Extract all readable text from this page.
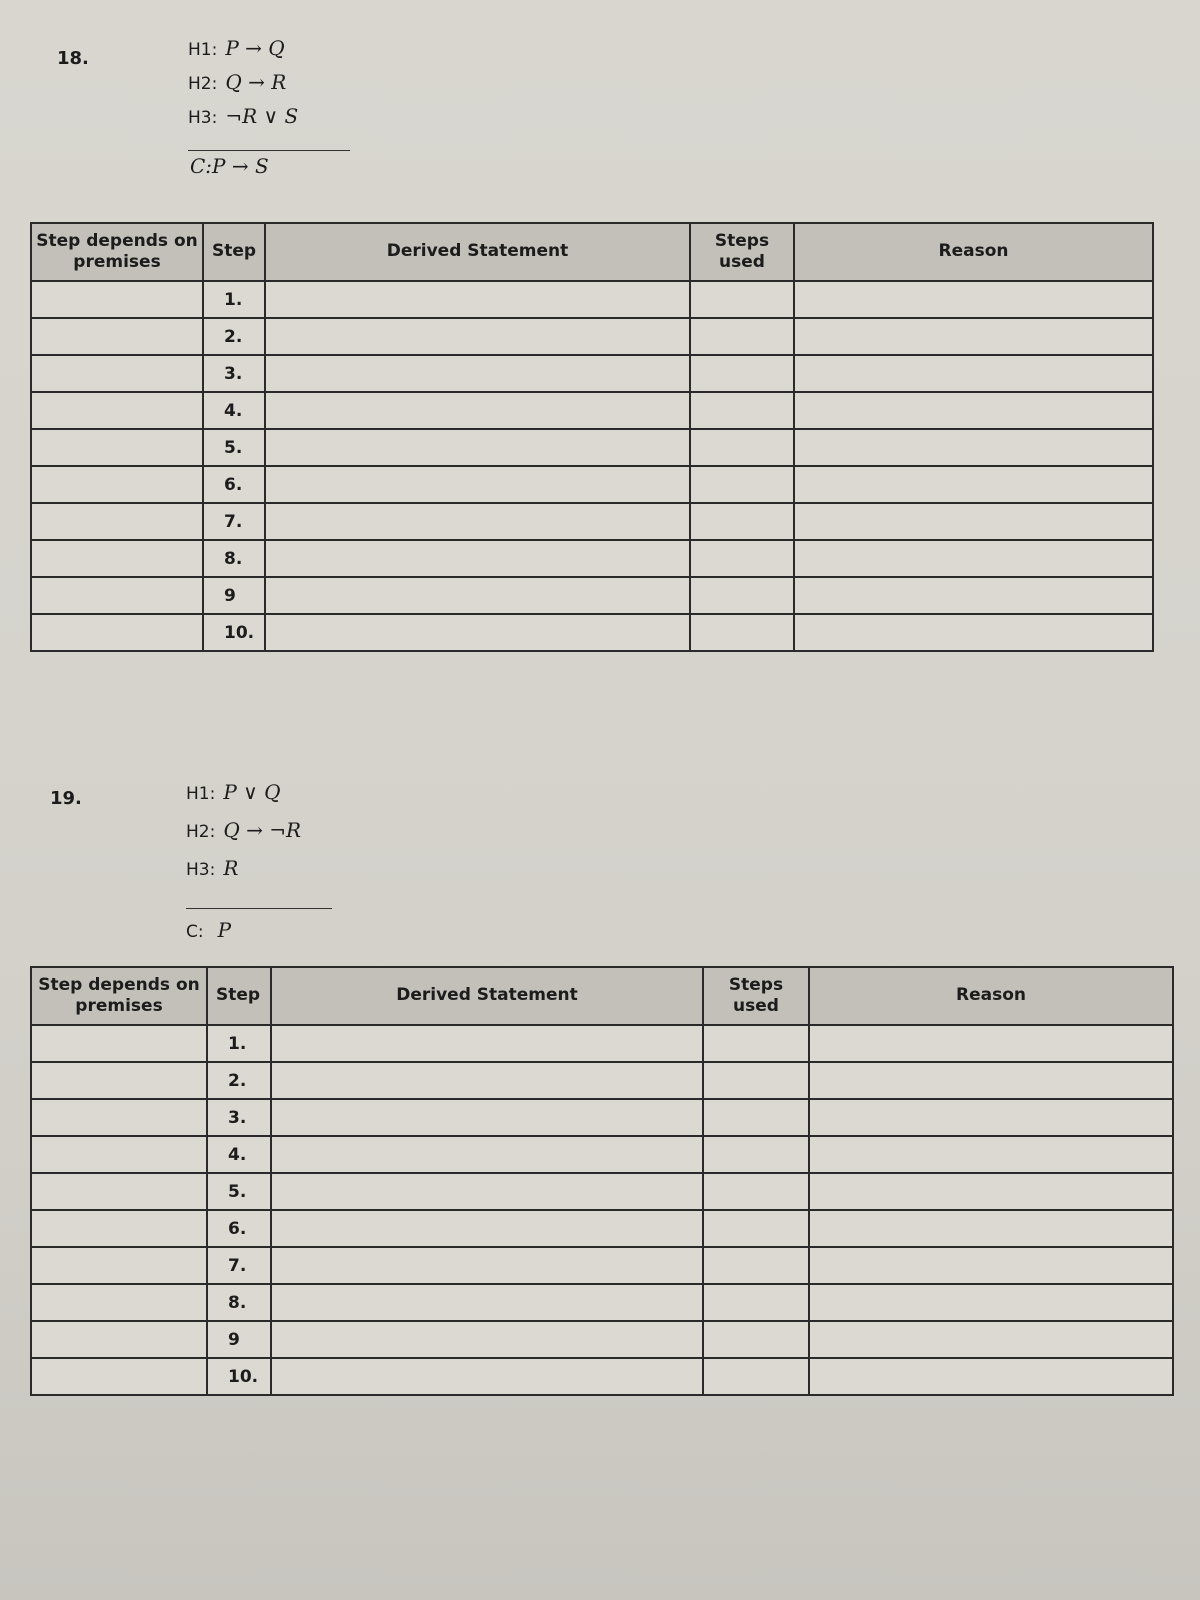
18.	H1: P → Q
H2: Q → R
H3: ¬R ∨ S
C:P → S
Step depends on premises	Step	Derived Statement	Steps used	Reason
	1.			
	2.			
	3.			
	4.			
	5.			
	6.			
	7.			
	8.			
	9			
	10.			
19.	H1: P ∨ Q
H2: Q → ¬R
H3: R
C: P
Step depends on premises	Step	Derived Statement	Steps used	Reason
	1.			
	2.			
	3.			
	4.			
	5.			
	6.			
	7.			
	8.			
	9			
	10.			
